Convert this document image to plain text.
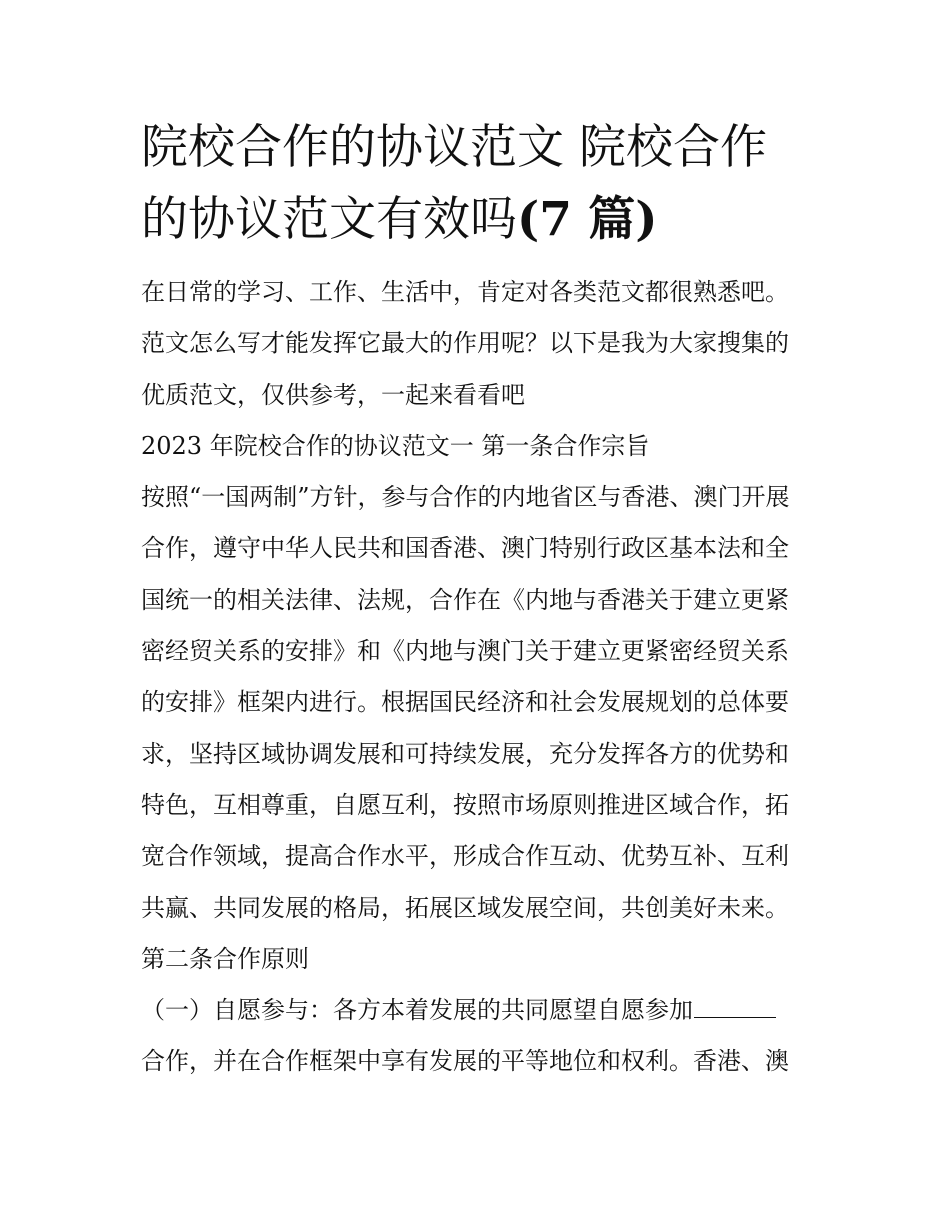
院校合作的协议范文 院校合作
的协议范文有效吗(7 篇)
在日常的学习、工作、生活中，肯定对各类范文都很熟悉吧。
范文怎么写才能发挥它最大的作用呢？以下是我为大家搜集的
优质范文，仅供参考，一起来看看吧
2023 年院校合作的协议范文一 第一条合作宗旨
按照“一国两制”方针，参与合作的内地省区与香港、澳门开展
合作，遵守中华人民共和国香港、澳门特别行政区基本法和全
国统一的相关法律、法规，合作在《内地与香港关于建立更紧
密经贸关系的安排》和《内地与澳门关于建立更紧密经贸关系
的安排》框架内进行。根据国民经济和社会发展规划的总体要
求，坚持区域协调发展和可持续发展，充分发挥各方的优势和
特色，互相尊重，自愿互利，按照市场原则推进区域合作，拓
宽合作领域，提高合作水平，形成合作互动、优势互补、互利
共赢、共同发展的格局，拓展区域发展空间，共创美好未来。
第二条合作原则
（一）自愿参与：各方本着发展的共同愿望自愿参加
合作，并在合作框架中享有发展的平等地位和权利。香港、澳
